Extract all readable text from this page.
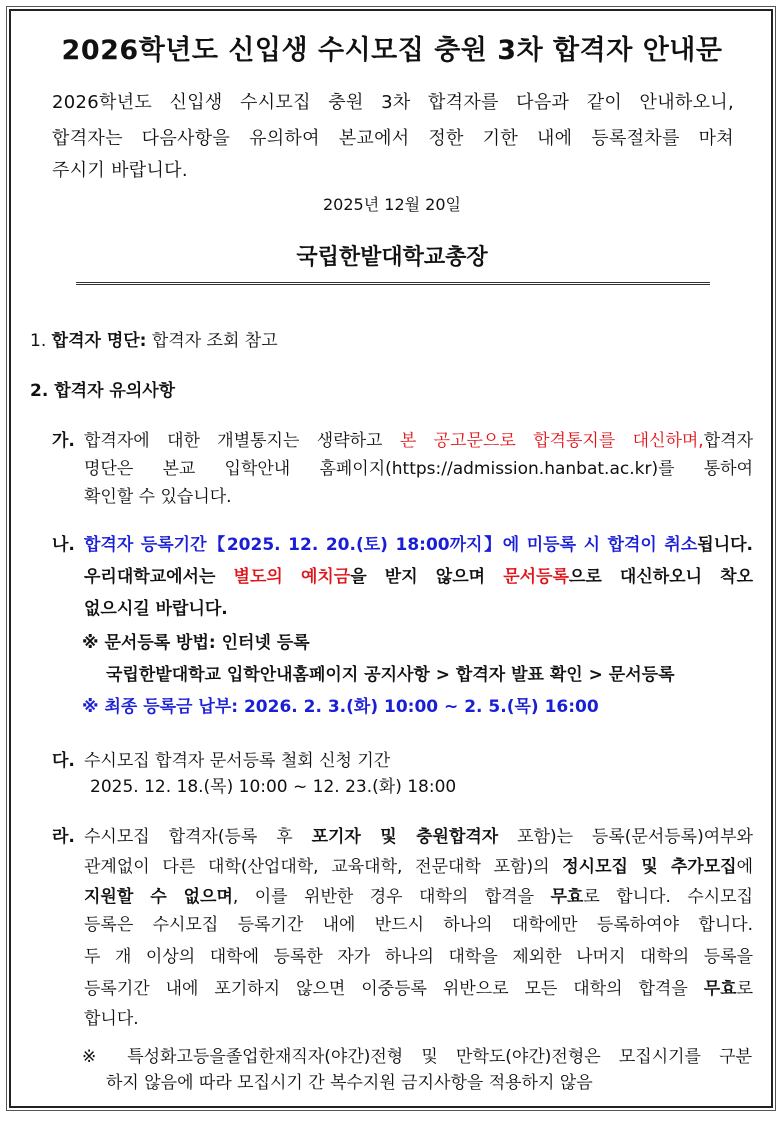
2026학년도 신입생 수시모집 충원 3차 합격자 안내문
2026학년도 신입생 수시모집 충원 3차 합격자를 다음과 같이 안내하오니,
합격자는 다음사항을 유의하여 본교에서 정한 기한 내에 등록절차를 마쳐
주시기 바랍니다.
2025년 12월 20일
국립한밭대학교총장
1. 합격자 명단: 합격자 조회 참고
2. 합격자 유의사항
가. 합격자에 대한 개별통지는 생략하고 본 공고문으로 합격통지를 대신하며,합격자
명단은 본교 입학안내 홈페이지(https://admission.hanbat.ac.kr)를 통하여
확인할 수 있습니다.
나. 합격자 등록기간【2025. 12. 20.(토) 18:00까지】에 미등록 시 합격이 취소됩니다.
우리대학교에서는 별도의 예치금을 받지 않으며 문서등록으로 대신하오니 착오
없으시길 바랍니다.
※ 문서등록 방법: 인터넷 등록
국립한밭대학교 입학안내홈페이지 공지사항 > 합격자 발표 확인 > 문서등록
※ 최종 등록금 납부: 2026. 2. 3.(화) 10:00 ~ 2. 5.(목) 16:00
다. 수시모집 합격자 문서등록 철회 신청 기간
2025. 12. 18.(목) 10:00 ~ 12. 23.(화) 18:00
라. 수시모집 합격자(등록 후 포기자 및 충원합격자 포함)는 등록(문서등록)여부와
관계없이 다른 대학(산업대학, 교육대학, 전문대학 포함)의 정시모집 및 추가모집에
지원할 수 없으며, 이를 위반한 경우 대학의 합격을 무효로 합니다. 수시모집
등록은 수시모집 등록기간 내에 반드시 하나의 대학에만 등록하여야 합니다.
두 개 이상의 대학에 등록한 자가 하나의 대학을 제외한 나머지 대학의 등록을
등록기간 내에 포기하지 않으면 이중등록 위반으로 모든 대학의 합격을 무효로
합니다.
※ 특성화고등을졸업한재직자(야간)전형 및 만학도(야간)전형은 모집시기를 구분
하지 않음에 따라 모집시기 간 복수지원 금지사항을 적용하지 않음
